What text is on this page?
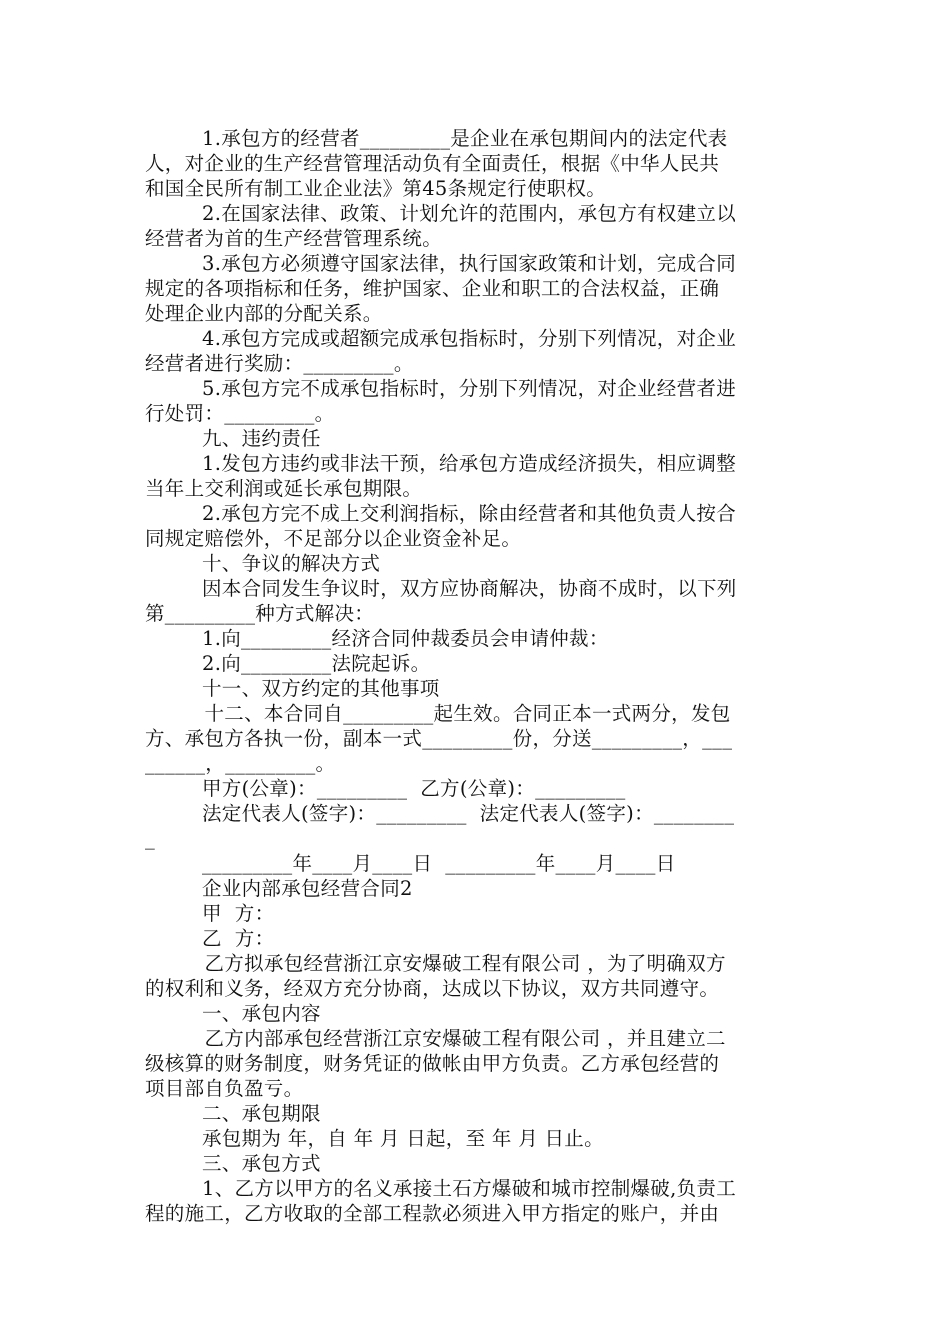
1.承包方的经营者_________是企业在承包期间内的法定代表
人，对企业的生产经营管理活动负有全面责任，根据《中华人民共
和国全民所有制工业企业法》第45条规定行使职权。
2.在国家法律、政策、计划允许的范围内，承包方有权建立以
经营者为首的生产经营管理系统。
3.承包方必须遵守国家法律，执行国家政策和计划，完成合同
规定的各项指标和任务，维护国家、企业和职工的合法权益，正确
处理企业内部的分配关系。
4.承包方完成或超额完成承包指标时，分别下列情况，对企业
经营者进行奖励：_________。
5.承包方完不成承包指标时，分别下列情况，对企业经营者进
行处罚：_________。
九、违约责任
1.发包方违约或非法干预，给承包方造成经济损失，相应调整
当年上交利润或延长承包期限。
2.承包方完不成上交利润指标，除由经营者和其他负责人按合
同规定赔偿外，不足部分以企业资金补足。
十、争议的解决方式
因本合同发生争议时，双方应协商解决，协商不成时，以下列
第_________种方式解决：
1.向_________经济合同仲裁委员会申请仲裁：
2.向_________法院起诉。
十一、双方约定的其他事项
十二、本合同自_________起生效。合同正本一式两分，发包
方、承包方各执一份，副本一式_________份，分送_________，___
______，_________。
甲方(公章)：_________  乙方(公章)：_________
法定代表人(签字)：_________  法定代表人(签字)：________
_
_________年____月____日  _________年____月____日
企业内部承包经营合同2
甲  方：
乙  方：
乙方拟承包经营浙江京安爆破工程有限公司 ，为了明确双方
的权利和义务，经双方充分协商，达成以下协议，双方共同遵守。
一、承包内容
乙方内部承包经营浙江京安爆破工程有限公司 ，并且建立二
级核算的财务制度，财务凭证的做帐由甲方负责。乙方承包经营的
项目部自负盈亏。
二、承包期限
承包期为 年，自 年 月 日起，至 年 月 日止。
三、承包方式
1、乙方以甲方的名义承接土石方爆破和城市控制爆破,负责工
程的施工，乙方收取的全部工程款必须进入甲方指定的账户，并由
